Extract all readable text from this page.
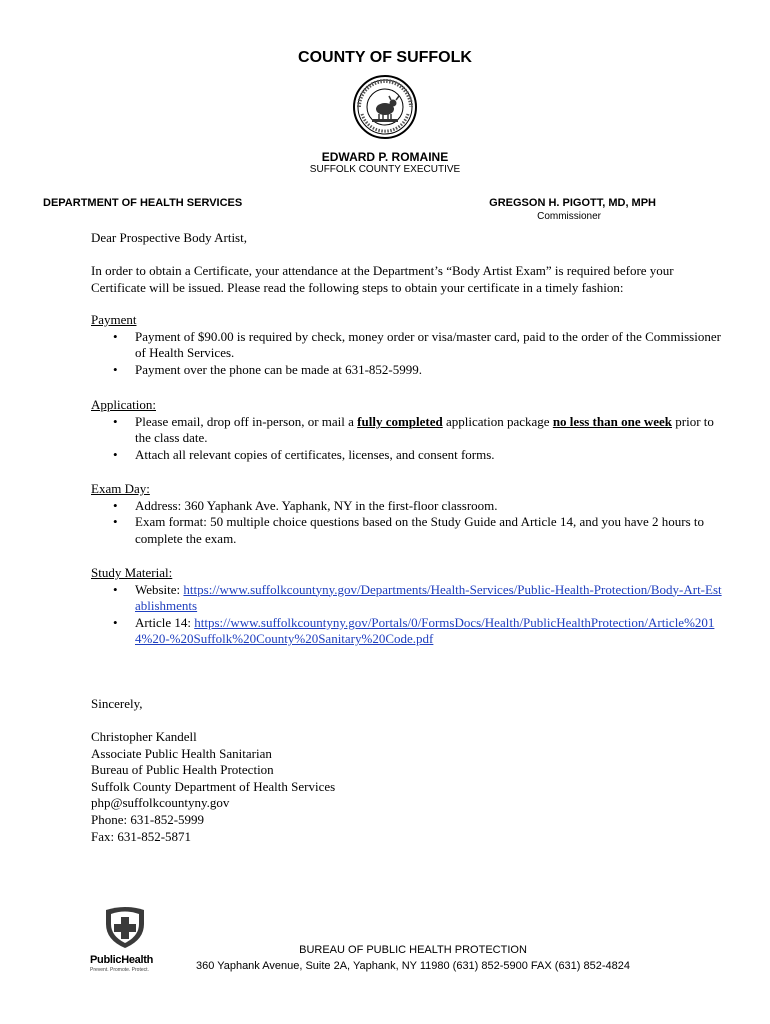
COUNTY OF SUFFOLK
EDWARD P. ROMAINE
SUFFOLK COUNTY EXECUTIVE
DEPARTMENT OF HEALTH SERVICES	GREGSON H. PIGOTT, MD, MPH
Commissioner
Dear Prospective Body Artist,
In order to obtain a Certificate, your attendance at the Department’s “Body Artist Exam” is required before your Certificate will be issued. Please read the following steps to obtain your certificate in a timely fashion:
Payment
• Payment of $90.00 is required by check, money order or visa/master card, paid to the order of the Commissioner of Health Services.
• Payment over the phone can be made at 631-852-5999.
Application:
• Please email, drop off in-person, or mail a fully completed application package no less than one week prior to the class date.
• Attach all relevant copies of certificates, licenses, and consent forms.
Exam Day:
• Address: 360 Yaphank Ave. Yaphank, NY in the first-floor classroom.
• Exam format: 50 multiple choice questions based on the Study Guide and Article 14, and you have 2 hours to complete the exam.
Study Material:
• Website: https://www.suffolkcountyny.gov/Departments/Health-Services/Public-Health-Protection/Body-Art-Establishments
• Article 14: https://www.suffolkcountyny.gov/Portals/0/FormsDocs/Health/PublicHealthProtection/Article%2014%20-%20Suffolk%20County%20Sanitary%20Code.pdf
Sincerely,
Christopher Kandell
Associate Public Health Sanitarian
Bureau of Public Health Protection
Suffolk County Department of Health Services
php@suffolkcountyny.gov
Phone: 631-852-5999
Fax: 631-852-5871
PublicHealth
Prevent. Promote. Protect.
BUREAU OF PUBLIC HEALTH PROTECTION
360 Yaphank Avenue, Suite 2A, Yaphank, NY 11980 (631) 852-5900 FAX (631) 852-4824
